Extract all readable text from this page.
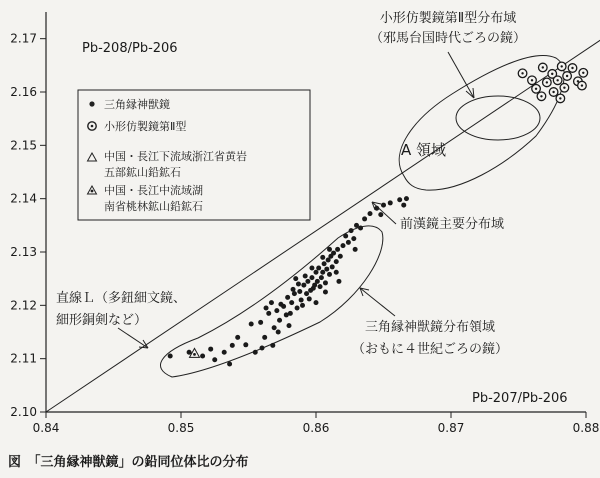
0.84	0.85	0.86	0.87	0.88
2.10
2.11
2.12
2.13
2.14
2.15
2.16
2.17
三角縁神獣鏡
小形仿製鏡第Ⅱ型
中国・長江下流域浙江省黄岩
五部鉱山鉛鉱石
中国・長江中流域湖
南省桃林鉱山鉛鉱石
Pb-208/Pb-206
Pb-207/Pb-206
小形仿製鏡第Ⅱ型分布域
（邪馬台国時代ごろの鏡）
A 領域
前漢鏡主要分布域
三角縁神獣鏡分布領域
（おもに４世紀ごろの鏡）
直線Ｌ（多鈕細文鏡、
細形銅剣など）
図　「三角縁神獣鏡」の鉛同位体比の分布
